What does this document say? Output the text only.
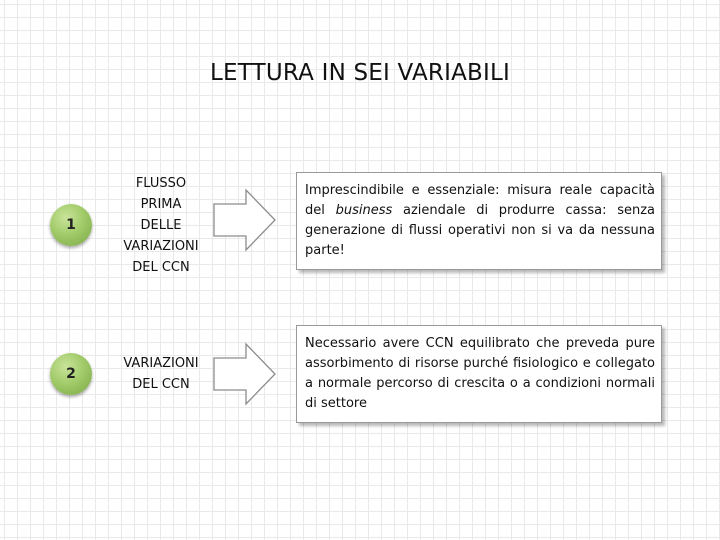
LETTURA IN SEI VARIABILI
1
FLUSSO
PRIMA
DELLE
VARIAZIONI
DEL CCN
Imprescindibile e essenziale: misura reale capacità del business aziendale di produrre cassa: senza generazione di flussi operativi non si va da nessuna parte!
2
VARIAZIONI
DEL CCN
Necessario avere CCN equilibrato che preveda pure assorbimento di risorse purché fisiologico e collegato a normale percorso di crescita o a condizioni normali di settore
